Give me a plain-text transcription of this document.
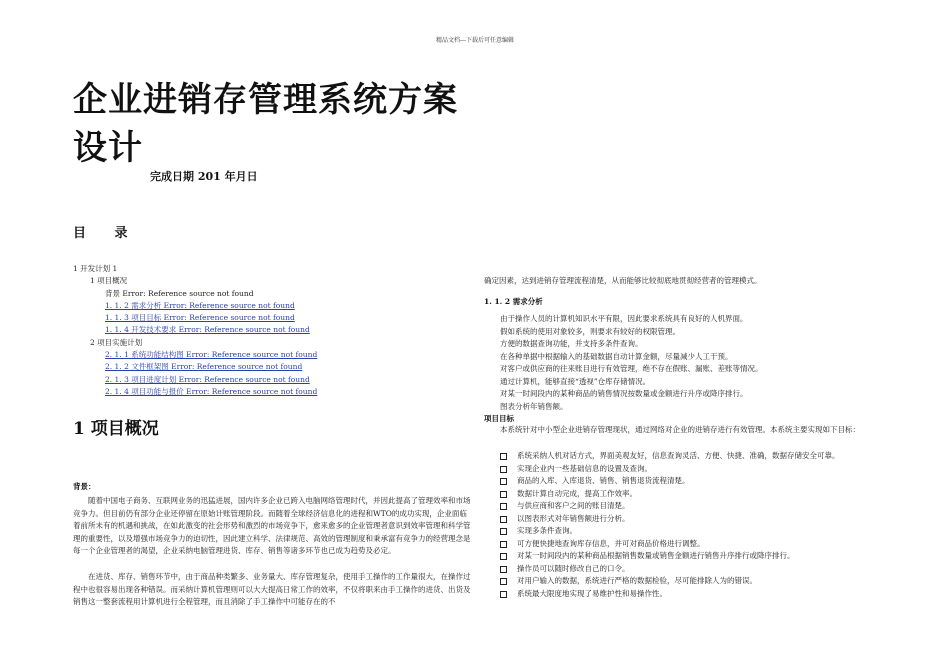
精品文档---下载后可任意编辑
企业进销存管理系统方案
设计
完成日期 201 年月日
目 录
1 开发计划 1
1 项目概况
背景 Error: Reference source not found
1. 1. 2 需求分析 Error: Reference source not found
1. 1. 3 项目目标 Error: Reference source not found
1. 1. 4 开发技术要求 Error: Reference source not found
2 项目实施计划
2. 1. 1 系统功能结构图 Error: Reference source not found
2. 1. 2 文件框架图 Error: Reference source not found
2. 1. 3 项目进度计划 Error: Reference source not found
2. 1. 4 项目功能与报价 Error: Reference source not found
1 项目概况
背景：
随着中国电子商务、互联网业务的迅猛进展，国内许多企业已跨入电脑网络管理时代，并因此提高了管理效率和市场竞争力。但目前仍有部分企业还停留在原始计账管理阶段。而随着全球经济信息化的进程和WTO的成功实现，企业面临着前所未有的机遇和挑战，在如此激变的社会形势和激烈的市场竞争下，愈来愈多的企业管理者意识到效率管理和科学管理的重要性，以及增强市场竞争力的迫切性，因此建立科学、法律规范、高效的管理制度和秉承富有竞争力的经营理念是每一个企业管理者的渴望，企业采纳电脑管理进货、库存、销售等诸多环节也已成为趋势及必定。
在进货、库存、销售环节中，由于商品种类繁多、业务量大、库存管理复杂，使用手工操作的工作量很大，在操作过程中也很容易出现各种错误。而采纳计算机管理则可以大大提高日常工作的效率，不仅将职来由手工操作的进货、出货及销售这一整套流程用计算机进行全程管理，而且消除了手工操作中可能存在的不
确定因素，达到进销存管理流程清楚，从而能够比较彻底地贯彻经营者的管理模式。
1. 1. 2 需求分析
由于操作人员的计算机知识水平有限，因此要求系统具有良好的人机界面。
假如系统的使用对象较多，则要求有较好的权限管理。
方便的数据查询功能，并支持多条件查询。
在各种单据中根据输入的基础数据自动计算金额，尽量减少人工干预。
对客户或供应商的往来账目进行有效管理，绝不存在假账、漏账、差账等情况。
通过计算机，能够直接“透视”仓库存储情况。
对某一时间段内的某种商品的销售情况按数量或金额进行升序或降序排行。
图表分析年销售额。
项目目标
本系统针对中小型企业进销存管理现状，通过网络对企业的进销存进行有效管理。本系统主要实现如下目标：
系统采纳人机对话方式，界面美观友好，信息查询灵活、方便、快捷、准确，数据存储安全可靠。
实现企业内一些基础信息的设置及查询。
商品的入库、入库退货、销售、销售退货流程清楚。
数据计算自动完成，提高工作效率。
与供应商和客户之间的账目清楚。
以图表形式对年销售额进行分析。
实现多条件查询。
可方便快捷地查询库存信息，并可对商品价格进行调整。
对某一时间段内的某种商品根据销售数量或销售金额进行销售升序排行或降序排行。
操作员可以随时修改自己的口令。
对用户输入的数据，系统进行严格的数据检验，尽可能排除人为的错误。
系统最大限度地实现了易维护性和易操作性。
